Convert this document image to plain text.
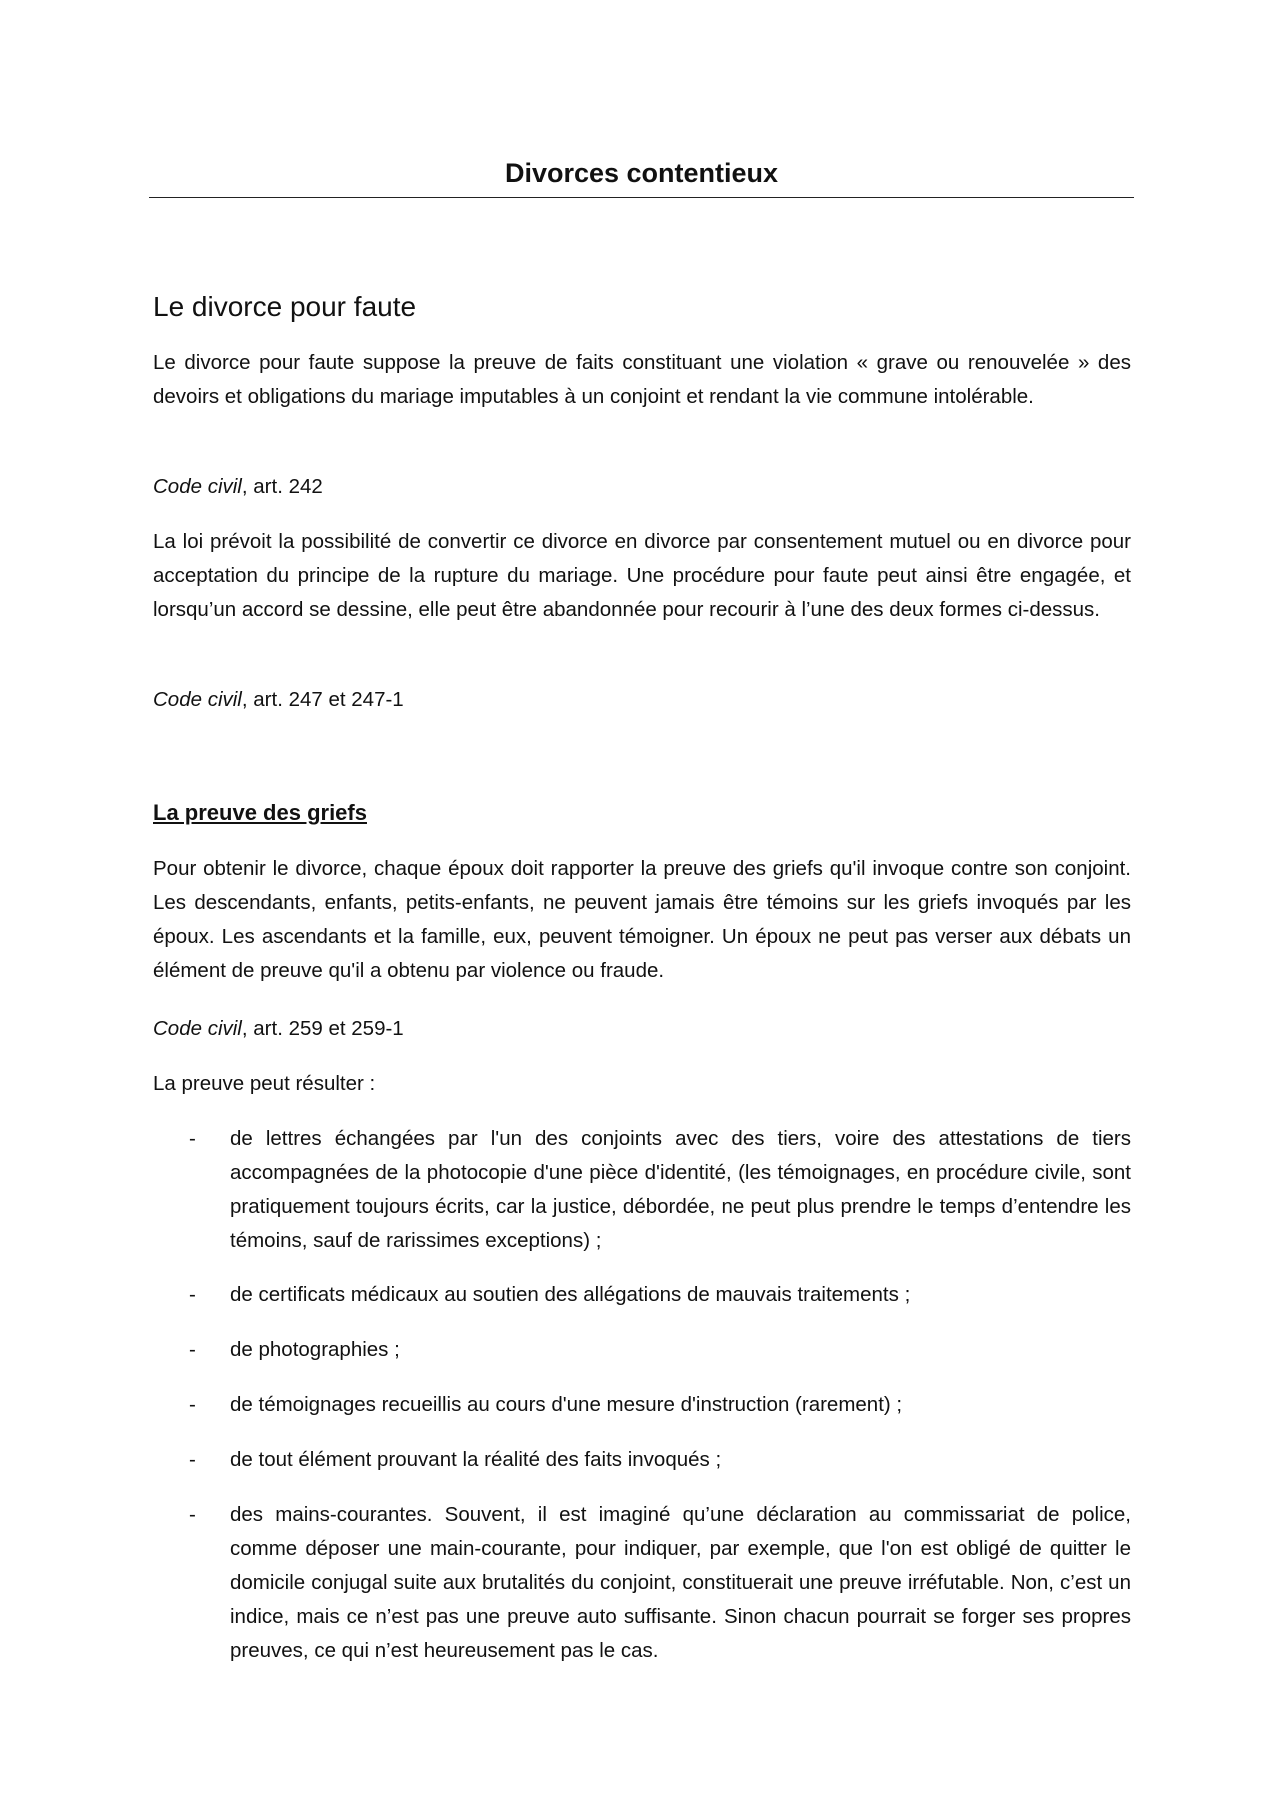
Divorces contentieux
Le divorce pour faute

Le divorce pour faute suppose la preuve de faits constituant une violation « grave ou renouvelée » des devoirs et obligations du mariage imputables à un conjoint et rendant la vie commune intolérable.

Code civil, art. 242

La loi prévoit la possibilité de convertir ce divorce en divorce par consentement mutuel ou en divorce pour acceptation du principe de la rupture du mariage. Une procédure pour faute peut ainsi être engagée, et lorsqu’un accord se dessine, elle peut être abandonnée pour recourir à l’une des deux formes ci-dessus.

Code civil, art. 247 et 247‑1

La preuve des griefs

Pour obtenir le divorce, chaque époux doit rapporter la preuve des griefs qu'il invoque contre son conjoint. Les descendants, enfants, petits‑enfants, ne peuvent jamais être témoins sur les griefs invoqués par les époux. Les ascendants et la famille, eux, peuvent témoigner. Un époux ne peut pas verser aux débats un élément de preuve qu'il a obtenu par violence ou fraude.

Code civil, art. 259 et 259‑1

La preuve peut résulter :

- de lettres échangées par l'un des conjoints avec des tiers, voire des attestations de tiers accompagnées de la photocopie d'une pièce d'identité, (les témoignages, en procédure civile, sont pratiquement toujours écrits, car la justice, débordée, ne peut plus prendre le temps d’entendre les témoins, sauf de rarissimes exceptions) ;
- de certificats médicaux au soutien des allégations de mauvais traitements ;
- de photographies ;
- de témoignages recueillis au cours d'une mesure d'instruction (rarement) ;
- de tout élément prouvant la réalité des faits invoqués ;
- des mains-courantes. Souvent, il est imaginé qu’une déclaration au commissariat de police, comme déposer une main‑courante, pour indiquer, par exemple, que l'on est obligé de quitter le domicile conjugal suite aux brutalités du conjoint, constituerait une preuve irréfutable. Non, c’est un indice, mais ce n’est pas une preuve auto suffisante. Sinon chacun pourrait se forger ses propres preuves, ce qui n’est heureusement pas le cas.
